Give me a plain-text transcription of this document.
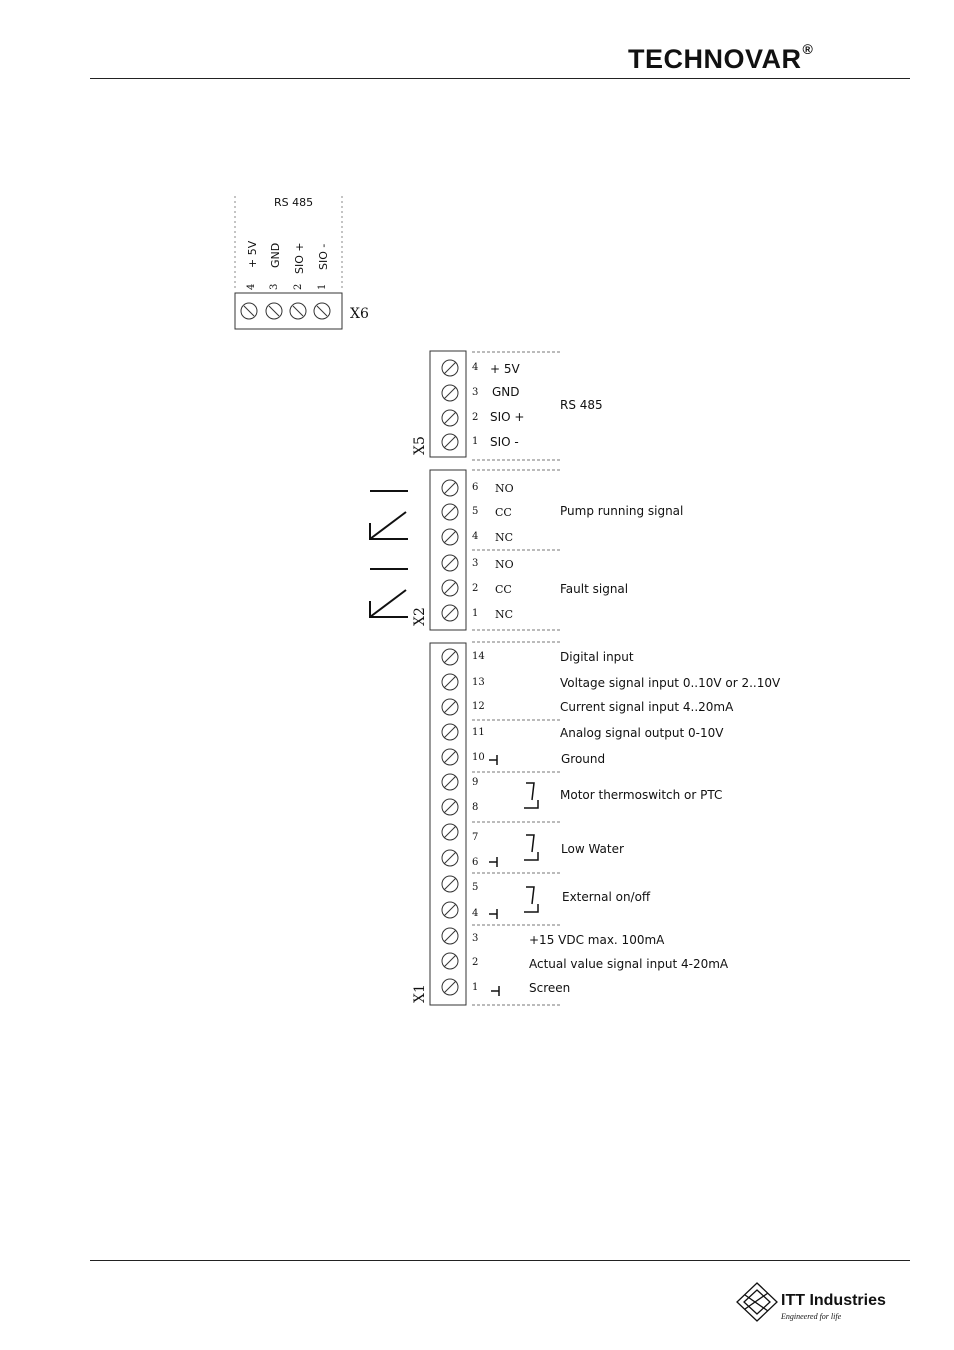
TECHNOVAR®
RS 485
X6
+ 5V GND SIO + SIO -
4 3 2 1
X5
4
3
2
1
+ 5V
GND
SIO +
SIO -
RS 485
X2
6
5
4
3
2
1
NO
CC
NC
NO
CC
NC
Pump running signal
Fault signal
X1
14
13
12
11
10
9
8
7
6
5
4
3
2
1
Digital input
Voltage signal input 0..10V or 2..10V
Current signal input 4..20mA
Analog signal output 0-10V
Ground
Motor thermoswitch or PTC
Low Water
External on/off
+15 VDC max. 100mA
Actual value signal input 4-20mA
Screen
ITT Industries
Engineered for life
